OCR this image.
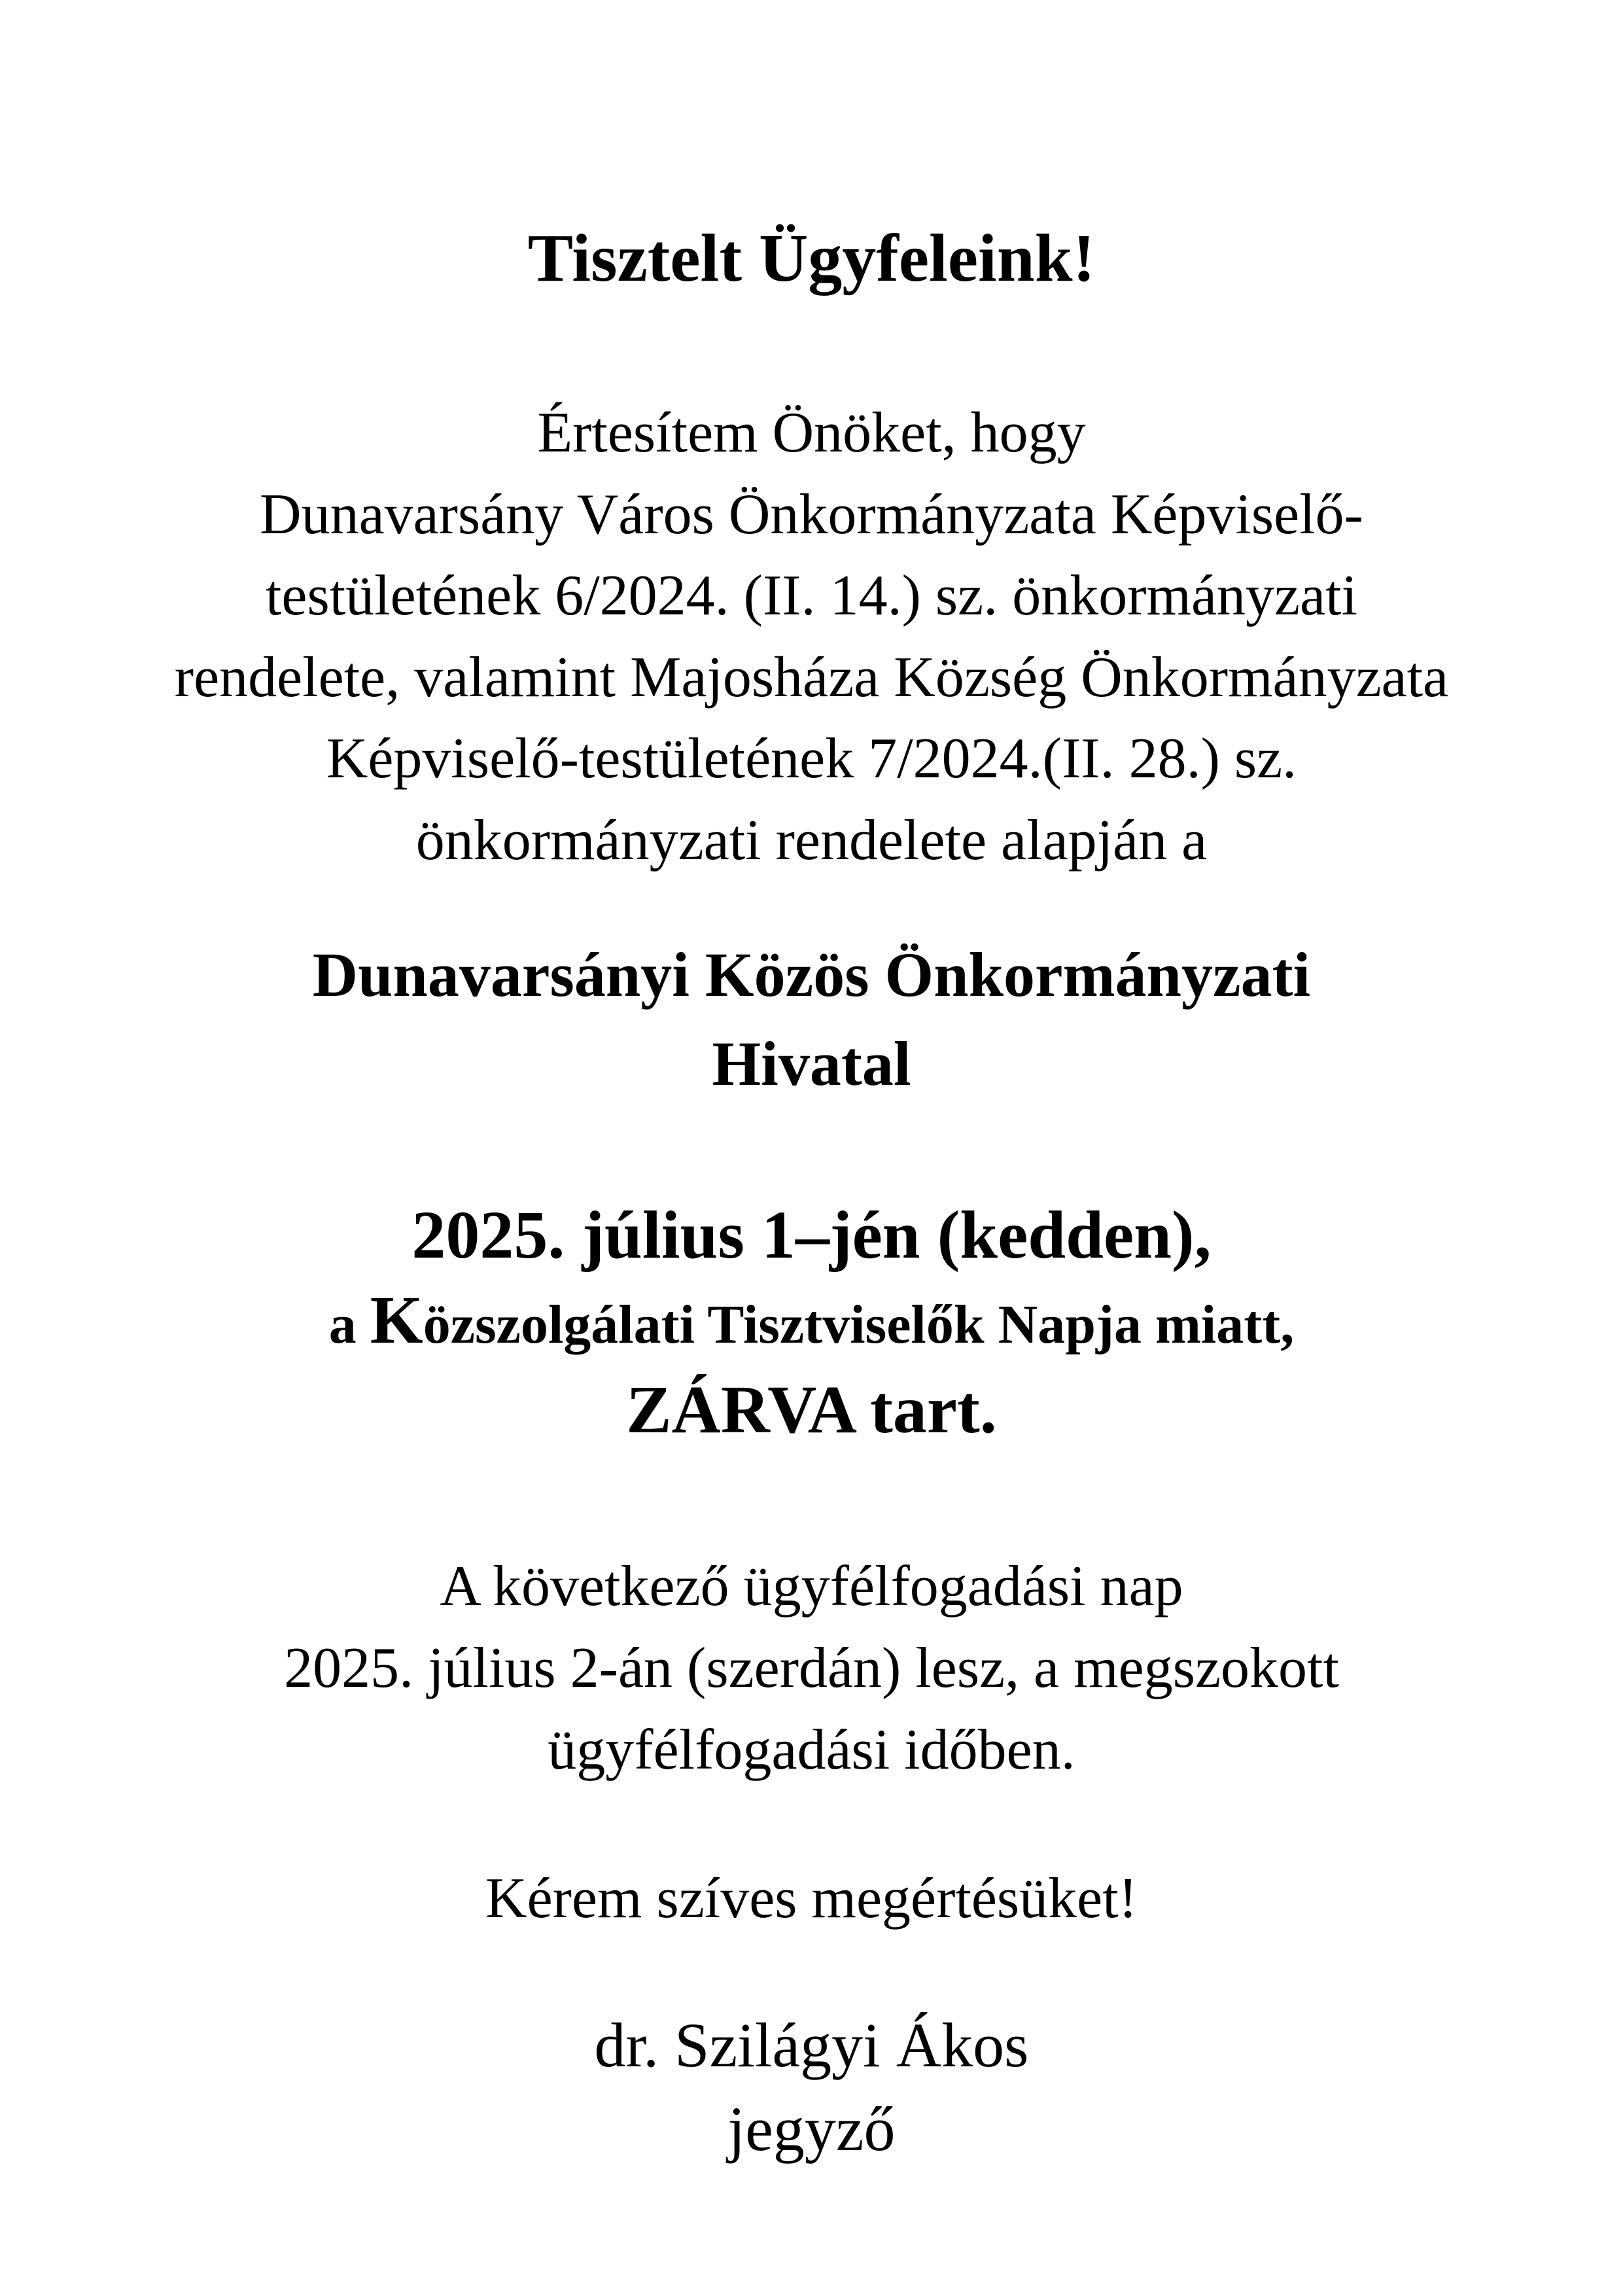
Tisztelt Ügyfeleink!
Értesítem Önöket, hogy
Dunavarsány Város Önkormányzata Képviselő-
testületének 6/2024. (II. 14.) sz. önkormányzati
rendelete, valamint Majosháza Község Önkormányzata
Képviselő-testületének 7/2024.(II. 28.) sz.
önkormányzati rendelete alapján a
Dunavarsányi Közös Önkormányzati
Hivatal
2025. július 1–jén (kedden),
a Közszolgálati Tisztviselők Napja miatt,
ZÁRVA tart.
A következő ügyfélfogadási nap
2025. július 2-án (szerdán) lesz, a megszokott
ügyfélfogadási időben.
Kérem szíves megértésüket!
dr. Szilágyi Ákos
jegyző
